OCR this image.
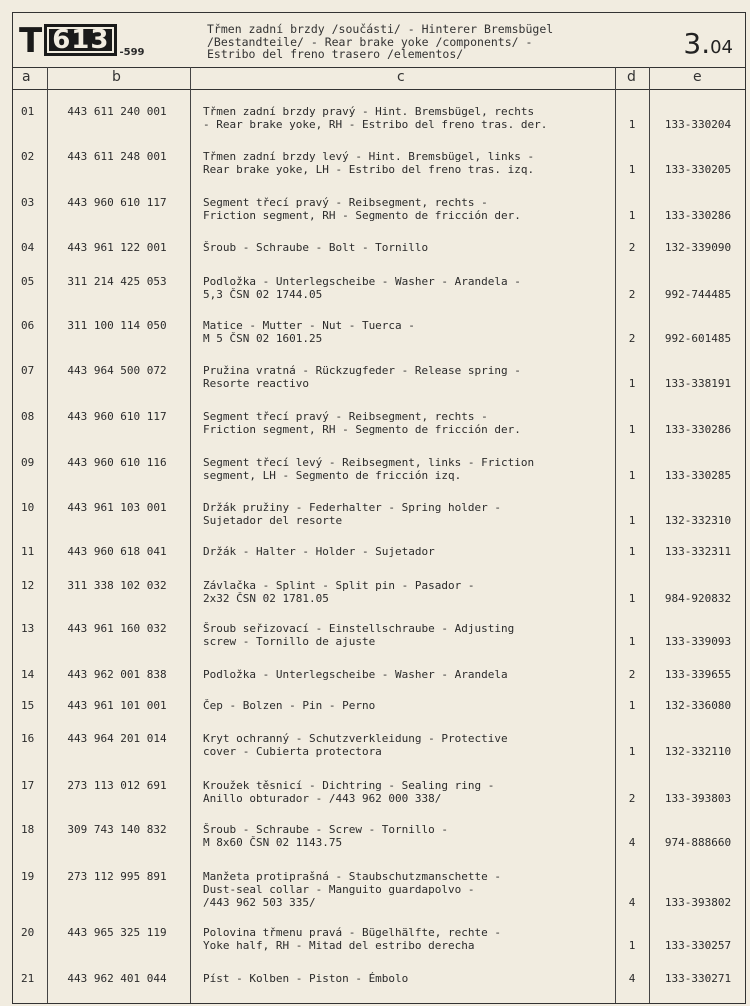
T 613	-599
Třmen zadní brzdy /součásti/ - Hinterer Bremsbügel
/Bestandteile/ - Rear brake yoke /components/ -
Estribo del freno trasero /elementos/	3.04
a	b	c	d	e
01	443 611 240 001	Třmen zadní brzdy pravý - Hint. Bremsbügel, rechts
- Rear brake yoke, RH - Estribo del freno tras. der.	1	133-330204
02	443 611 248 001	Třmen zadní brzdy levý - Hint. Bremsbügel, links -
Rear brake yoke, LH - Estribo del freno tras. izq.	1	133-330205
03	443 960 610 117	Segment třecí pravý - Reibsegment, rechts -
Friction segment, RH - Segmento de fricción der.	1	133-330286
04	443 961 122 001	Šroub - Schraube - Bolt - Tornillo	2	132-339090
05	311 214 425 053	Podložka - Unterlegscheibe - Washer - Arandela -
5,3 ČSN 02 1744.05	2	992-744485
06	311 100 114 050	Matice - Mutter - Nut - Tuerca -
M 5 ČSN 02 1601.25	2	992-601485
07	443 964 500 072	Pružina vratná - Rückzugfeder - Release spring -
Resorte reactivo	1	133-338191
08	443 960 610 117	Segment třecí pravý - Reibsegment, rechts -
Friction segment, RH - Segmento de fricción der.	1	133-330286
09	443 960 610 116	Segment třecí levý - Reibsegment, links - Friction
segment, LH - Segmento de fricción izq.	1	133-330285
10	443 961 103 001	Držák pružiny - Federhalter - Spring holder -
Sujetador del resorte	1	132-332310
11	443 960 618 041	Držák - Halter - Holder - Sujetador	1	133-332311
12	311 338 102 032	Závlačka - Splint - Split pin - Pasador -
2x32 ČSN 02 1781.05	1	984-920832
13	443 961 160 032	Šroub seřizovací - Einstellschraube - Adjusting
screw - Tornillo de ajuste	1	133-339093
14	443 962 001 838	Podložka - Unterlegscheibe - Washer - Arandela	2	133-339655
15	443 961 101 001	Čep - Bolzen - Pin - Perno	1	132-336080
16	443 964 201 014	Kryt ochranný - Schutzverkleidung - Protective
cover - Cubierta protectora	1	132-332110
17	273 113 012 691	Kroužek těsnicí - Dichtring - Sealing ring -
Anillo obturador - /443 962 000 338/	2	133-393803
18	309 743 140 832	Šroub - Schraube - Screw - Tornillo -
M 8x60 ČSN 02 1143.75	4	974-888660
19	273 112 995 891	Manžeta protiprašná - Staubschutzmanschette -
Dust-seal collar - Manguito guardapolvo -
/443 962 503 335/	4	133-393802
20	443 965 325 119	Polovina třmenu pravá - Bügelhälfte, rechte -
Yoke half, RH - Mitad del estribo derecha	1	133-330257
21	443 962 401 044	Píst - Kolben - Piston - Émbolo	4	133-330271
